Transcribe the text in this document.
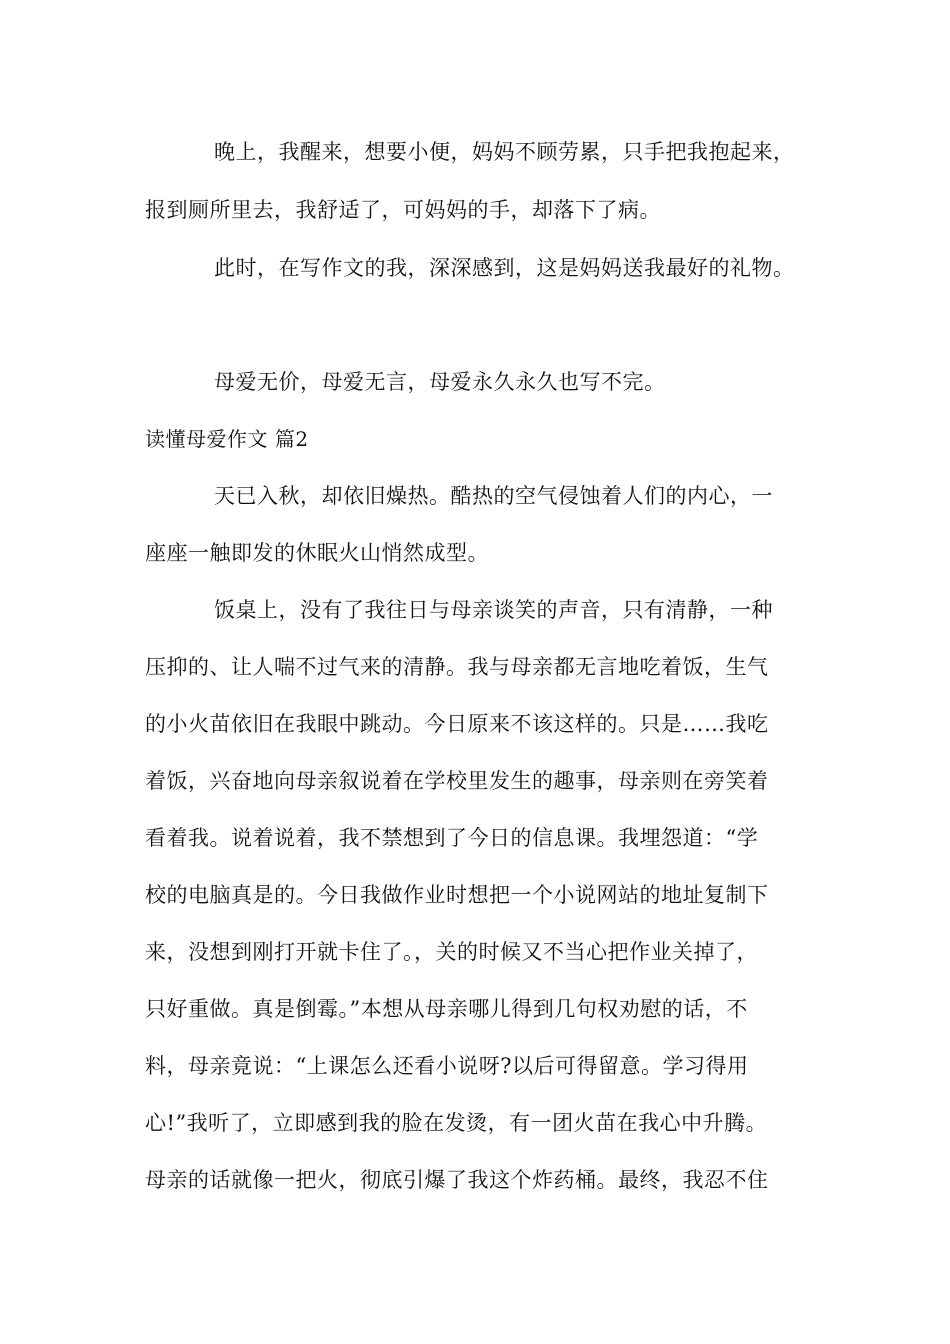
晚上，我醒来，想要小便，妈妈不顾劳累，只手把我抱起来，
报到厕所里去，我舒适了，可妈妈的手，却落下了病。
此时，在写作文的我，深深感到，这是妈妈送我最好的礼物。
母爱无价，母爱无言，母爱永久永久也写不完。
读懂母爱作文 篇2
天已入秋，却依旧燥热。酷热的空气侵蚀着人们的内心，一
座座一触即发的休眠火山悄然成型。
饭桌上，没有了我往日与母亲谈笑的声音，只有清静，一种
压抑的、让人喘不过气来的清静。我与母亲都无言地吃着饭，生气
的小火苗依旧在我眼中跳动。今日原来不该这样的。只是……我吃
着饭，兴奋地向母亲叙说着在学校里发生的趣事，母亲则在旁笑着
看着我。说着说着，我不禁想到了今日的信息课。我埋怨道：“学
校的电脑真是的。今日我做作业时想把一个小说网站的地址复制下
来，没想到刚打开就卡住了。，关的时候又不当心把作业关掉了，
只好重做。真是倒霉。”本想从母亲哪儿得到几句权劝慰的话，不
料，母亲竟说：“上课怎么还看小说呀?以后可得留意。学习得用
心!”我听了，立即感到我的脸在发烫，有一团火苗在我心中升腾。
母亲的话就像一把火，彻底引爆了我这个炸药桶。最终，我忍不住
